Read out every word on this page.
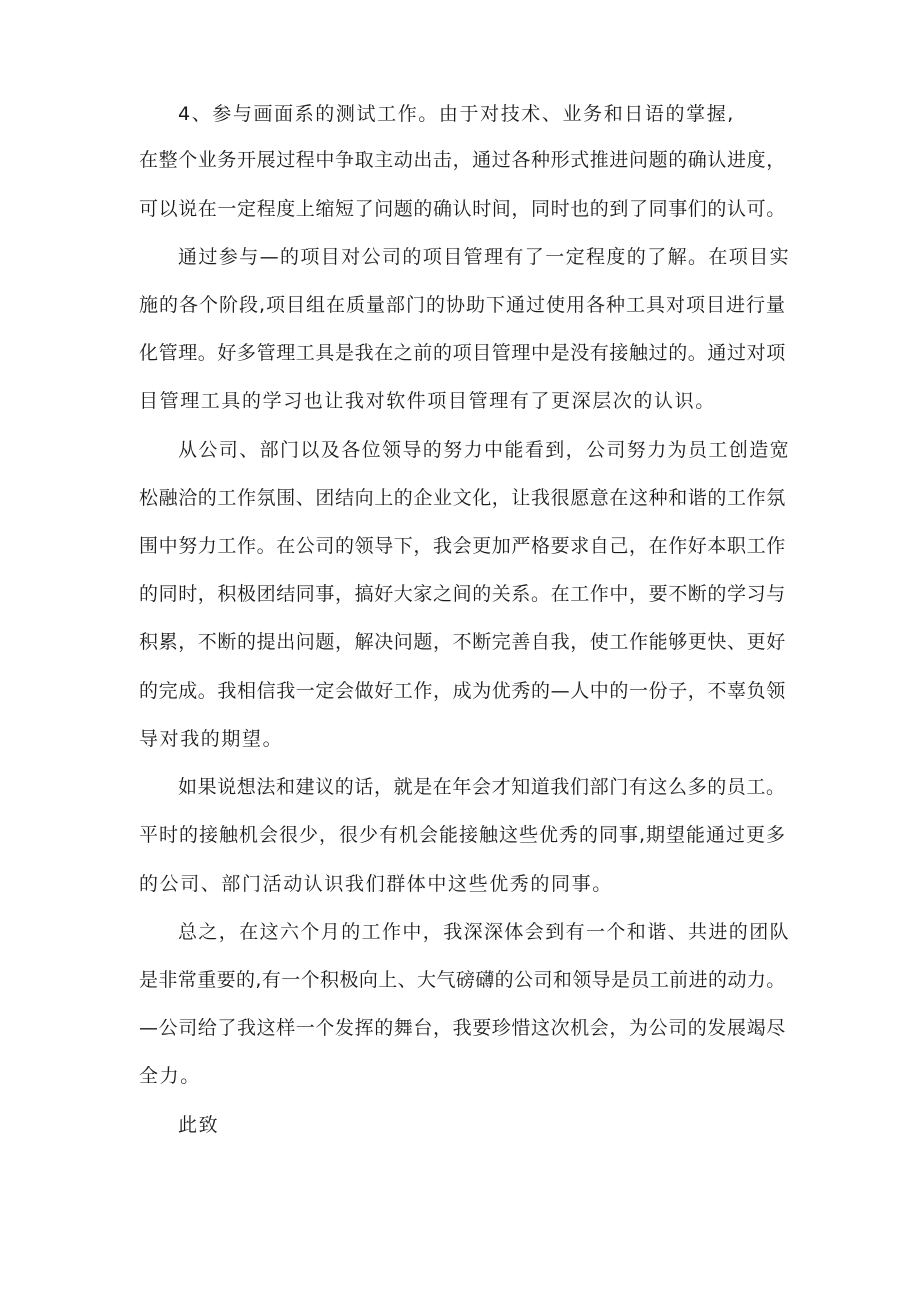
4、参与画面系的测试工作。由于对技术、业务和日语的掌握,

在整个业务开展过程中争取主动出击，通过各种形式推进问题的确认进度，

可以说在一定程度上缩短了问题的确认时间，同时也的到了同事们的认可。

通过参与—的项目对公司的项目管理有了一定程度的了解。在项目实

施的各个阶段,项目组在质量部门的协助下通过使用各种工具对项目进行量

化管理。好多管理工具是我在之前的项目管理中是没有接触过的。通过对项

目管理工具的学习也让我对软件项目管理有了更深层次的认识。

从公司、部门以及各位领导的努力中能看到，公司努力为员工创造宽

松融洽的工作氛围、团结向上的企业文化，让我很愿意在这种和谐的工作氛

围中努力工作。在公司的领导下，我会更加严格要求自己，在作好本职工作

的同时，积极团结同事，搞好大家之间的关系。在工作中，要不断的学习与

积累，不断的提出问题，解决问题，不断完善自我，使工作能够更快、更好

的完成。我相信我一定会做好工作，成为优秀的—人中的一份子，不辜负领

导对我的期望。

如果说想法和建议的话，就是在年会才知道我们部门有这么多的员工。

平时的接触机会很少，很少有机会能接触这些优秀的同事,期望能通过更多

的公司、部门活动认识我们群体中这些优秀的同事。

总之，在这六个月的工作中，我深深体会到有一个和谐、共进的团队

是非常重要的,有一个积极向上、大气磅礴的公司和领导是员工前进的动力。

—公司给了我这样一个发挥的舞台，我要珍惜这次机会，为公司的发展竭尽

全力。

此致
